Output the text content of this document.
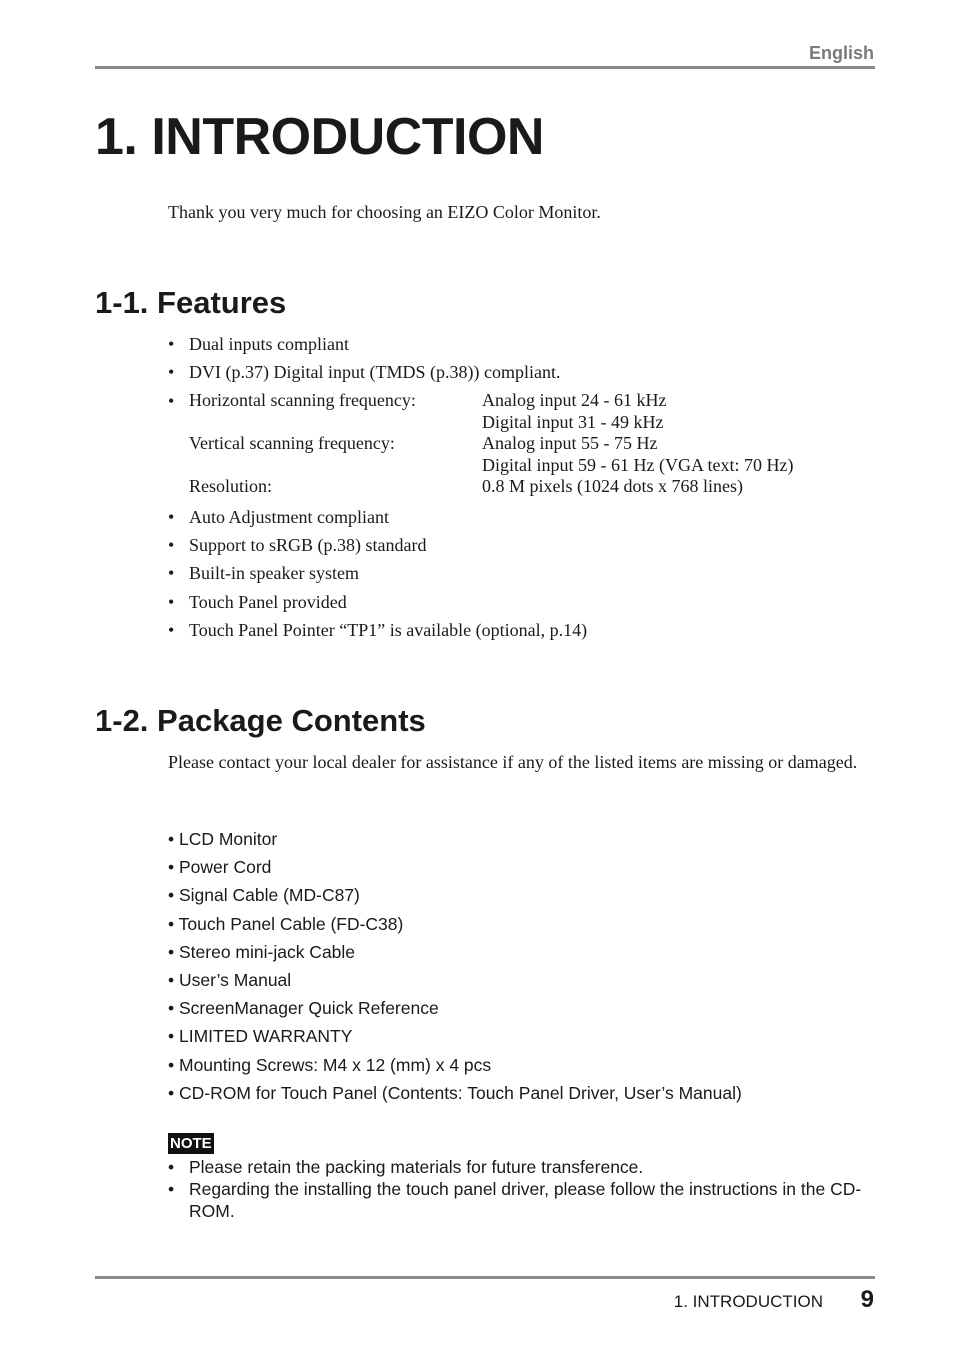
English
1. INTRODUCTION
Thank you very much for choosing an EIZO Color Monitor.
1-1. Features
• Dual inputs compliant
• DVI (p.37) Digital input (TMDS (p.38)) compliant.
• Horizontal scanning frequency:	Analog input 24 - 61 kHz
Digital input 31 - 49 kHz
Vertical scanning frequency:	Analog input 55 - 75 Hz
Digital input 59 - 61 Hz (VGA text: 70 Hz)
Resolution:	0.8 M pixels (1024 dots x 768 lines)
• Auto Adjustment compliant
• Support to sRGB (p.38) standard
• Built-in speaker system
• Touch Panel provided
• Touch Panel Pointer “TP1” is available (optional, p.14)
1-2. Package Contents
Please contact your local dealer for assistance if any of the listed items are missing or damaged.
• LCD Monitor
• Power Cord
• Signal Cable (MD-C87)
• Touch Panel Cable (FD-C38)
• Stereo mini-jack Cable
• User’s Manual
• ScreenManager Quick Reference
• LIMITED WARRANTY
• Mounting Screws: M4 x 12 (mm) x 4 pcs
• CD-ROM for Touch Panel (Contents: Touch Panel Driver, User’s Manual)
NOTE
• Please retain the packing materials for future transference.
• Regarding the installing the touch panel driver, please follow the instructions in the CD-ROM.
1. INTRODUCTION 9
